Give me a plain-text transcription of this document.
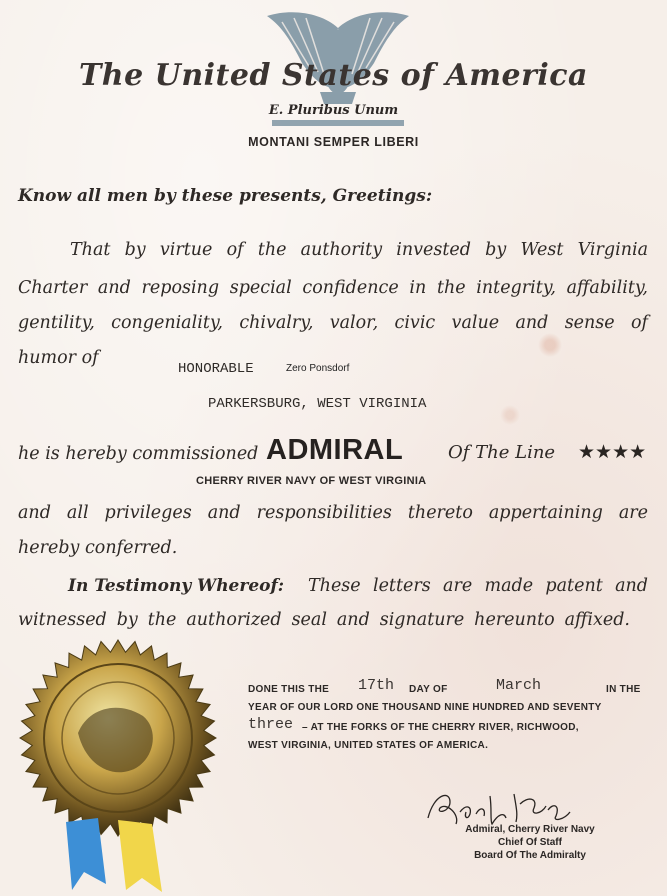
The United States of America
E. Pluribus Unum
MONTANI SEMPER LIBERI
Know all men by these presents, Greetings:
That by virtue of the authority invested by West Virginia
Charter and reposing special confidence in the integrity, affability,
gentility, congeniality, chivalry, valor, civic value and sense of
humor of
HONORABLE	Zero Ponsdorf
PARKERSBURG, WEST VIRGINIA
he is hereby commissioned ADMIRAL Of The Line ★★★★
CHERRY RIVER NAVY OF WEST VIRGINIA
and all privileges and responsibilities thereto appertaining are
hereby conferred.
In Testimony Whereof: These letters are made patent and
witnessed by the authorized seal and signature hereunto affixed.
DONE THIS THE 17th DAY OF	March	IN THE
YEAR OF OUR LORD ONE THOUSAND NINE HUNDRED AND SEVENTY
three – AT THE FORKS OF THE CHERRY RIVER, RICHWOOD,
WEST VIRGINIA, UNITED STATES OF AMERICA.
Admiral, Cherry River Navy
Chief Of Staff
Board Of The Admiralty
